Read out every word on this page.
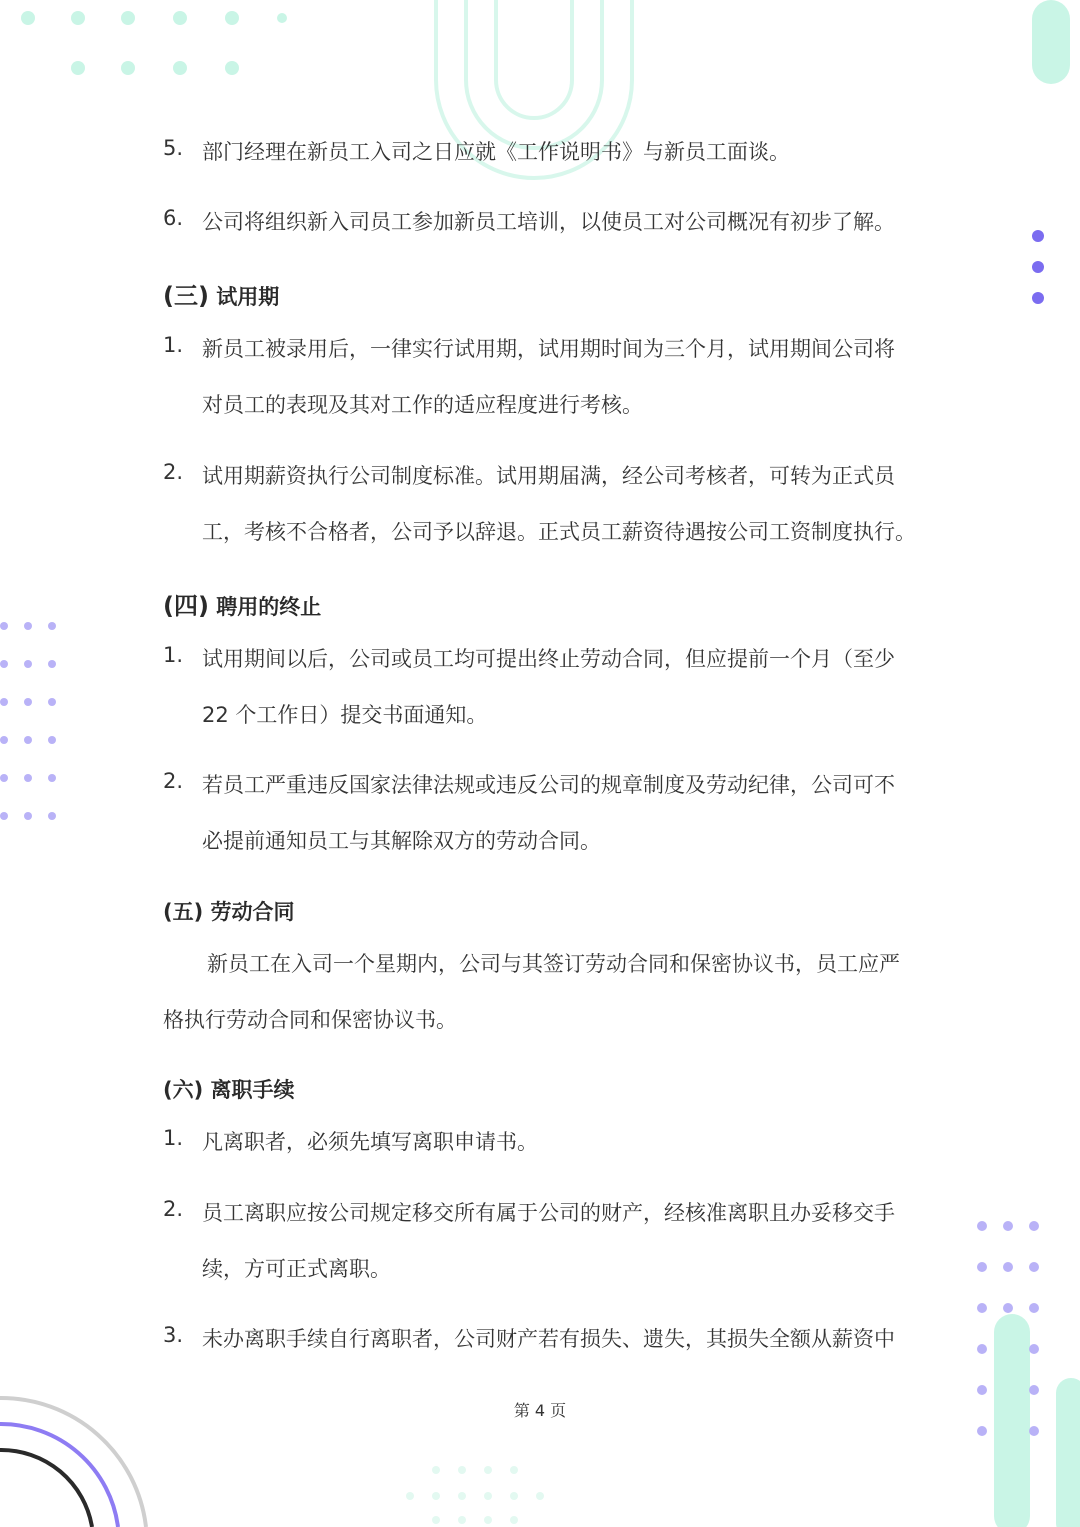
5. 部门经理在新员工入司之日应就《工作说明书》与新员工面谈。
6. 公司将组织新入司员工参加新员工培训，以使员工对公司概况有初步了解。
(三) 试用期
1. 新员工被录用后，一律实行试用期，试用期时间为三个月，试用期间公司将
对员工的表现及其对工作的适应程度进行考核。
2. 试用期薪资执行公司制度标准。试用期届满，经公司考核者，可转为正式员
工，考核不合格者，公司予以辞退。正式员工薪资待遇按公司工资制度执行。
(四) 聘用的终止
1. 试用期间以后，公司或员工均可提出终止劳动合同，但应提前一个月（至少
22 个工作日）提交书面通知。
2. 若员工严重违反国家法律法规或违反公司的规章制度及劳动纪律，公司可不
必提前通知员工与其解除双方的劳动合同。
(五) 劳动合同
新员工在入司一个星期内，公司与其签订劳动合同和保密协议书，员工应严
格执行劳动合同和保密协议书。
(六) 离职手续
1. 凡离职者，必须先填写离职申请书。
2. 员工离职应按公司规定移交所有属于公司的财产，经核准离职且办妥移交手
续，方可正式离职。
3. 未办离职手续自行离职者，公司财产若有损失、遗失，其损失全额从薪资中
第 4 页
